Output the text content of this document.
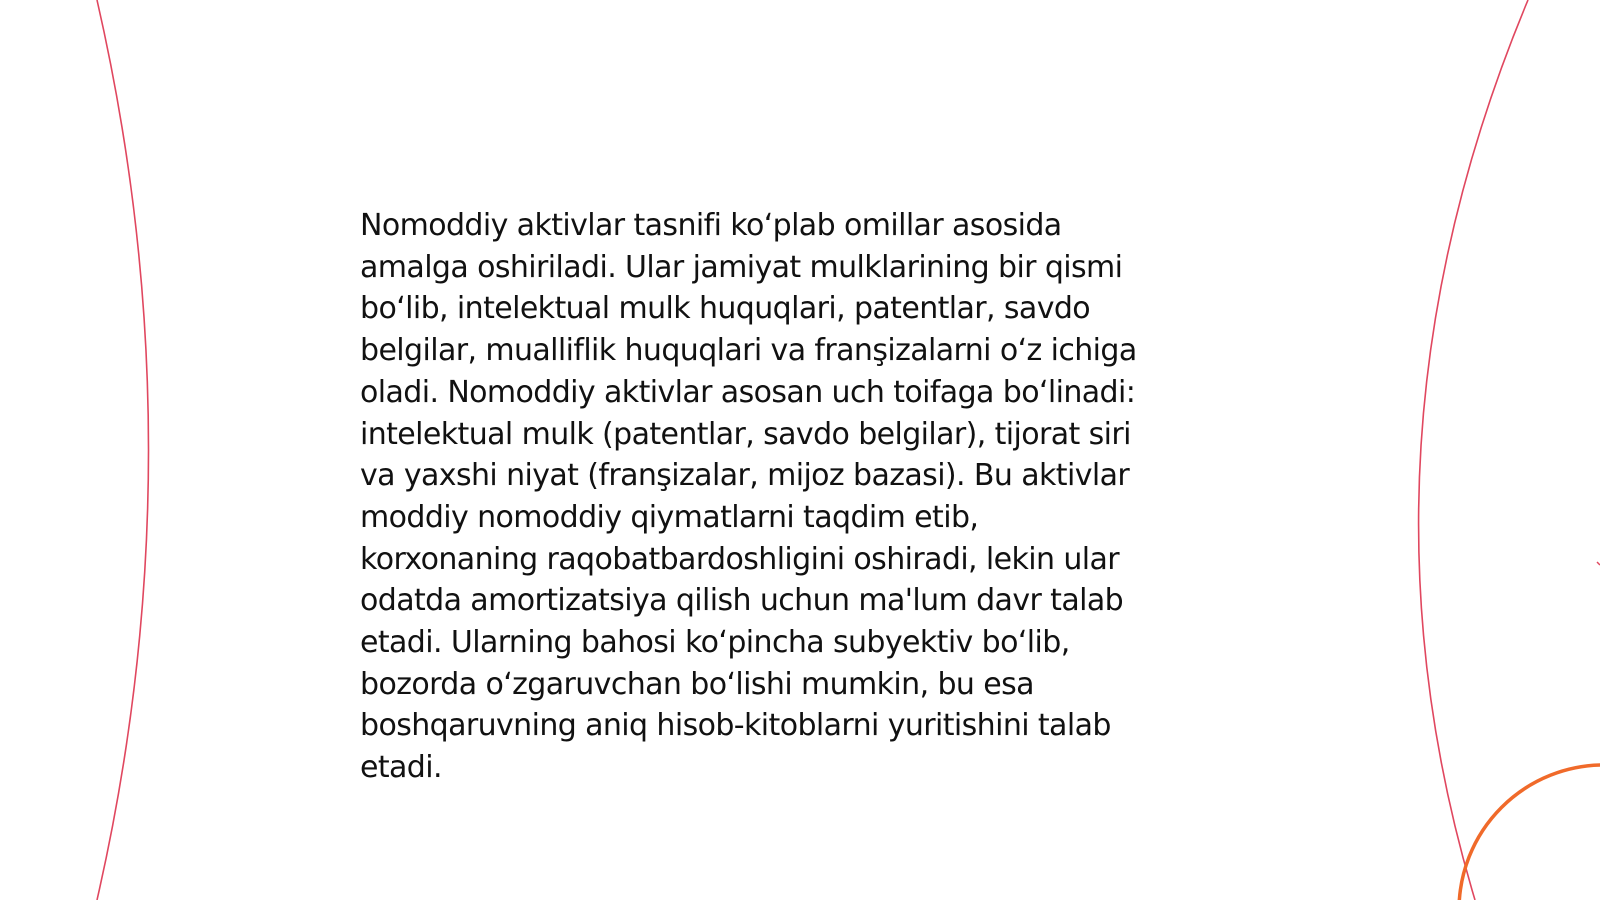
Nomoddiy aktivlar tasnifi ko‘plab omillar asosida
amalga oshiriladi. Ular jamiyat mulklarining bir qismi
bo‘lib, intelektual mulk huquqlari, patentlar, savdo
belgilar, mualliflik huquqlari va franşizalarni o‘z ichiga
oladi. Nomoddiy aktivlar asosan uch toifaga bo‘linadi:
intelektual mulk (patentlar, savdo belgilar), tijorat siri
va yaxshi niyat (franşizalar, mijoz bazasi). Bu aktivlar
moddiy nomoddiy qiymatlarni taqdim etib,
korxonaning raqobatbardoshligini oshiradi, lekin ular
odatda amortizatsiya qilish uchun ma'lum davr talab
etadi. Ularning bahosi ko‘pincha subyektiv bo‘lib,
bozorda o‘zgaruvchan bo‘lishi mumkin, bu esa
boshqaruvning aniq hisob-kitoblarni yuritishini talab
etadi.
